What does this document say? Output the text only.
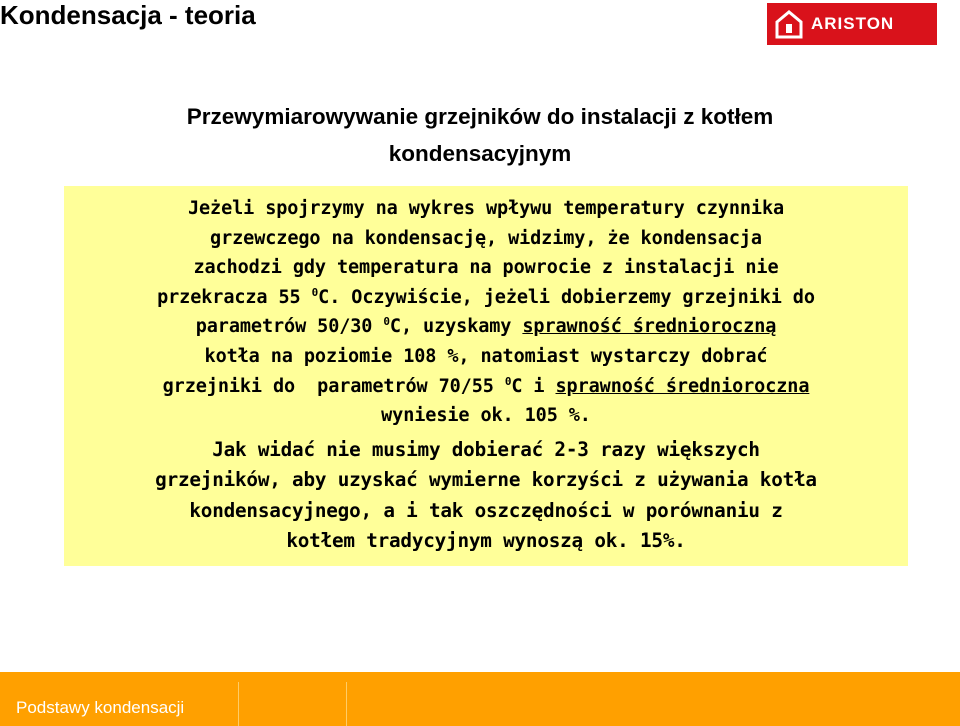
Kondensacja - teoria	ARISTON
Przewymiarowywanie grzejników do instalacji z kotłem
kondensacyjnym
Jeżeli spojrzymy na wykres wpływu temperatury czynnika
grzewczego na kondensację, widzimy, że kondensacja
zachodzi gdy temperatura na powrocie z instalacji nie
przekracza 55 $^0$C. Oczywiście, jeżeli dobierzemy grzejniki do
parametrów 50/30 $^0$C, uzyskamy sprawność średnioroczną
kotła na poziomie 108 %, natomiast wystarczy dobrać
grzejniki do  parametrów 70/55 $^0$C i sprawność średnioroczna
wyniesie ok. 105 %.
Jak widać nie musimy dobierać 2-3 razy większych
grzejników, aby uzyskać wymierne korzyści z używania kotła
kondensacyjnego, a i tak oszczędności w porównaniu z
kotłem tradycyjnym wynoszą ok. 15%.
Podstawy kondensacji
